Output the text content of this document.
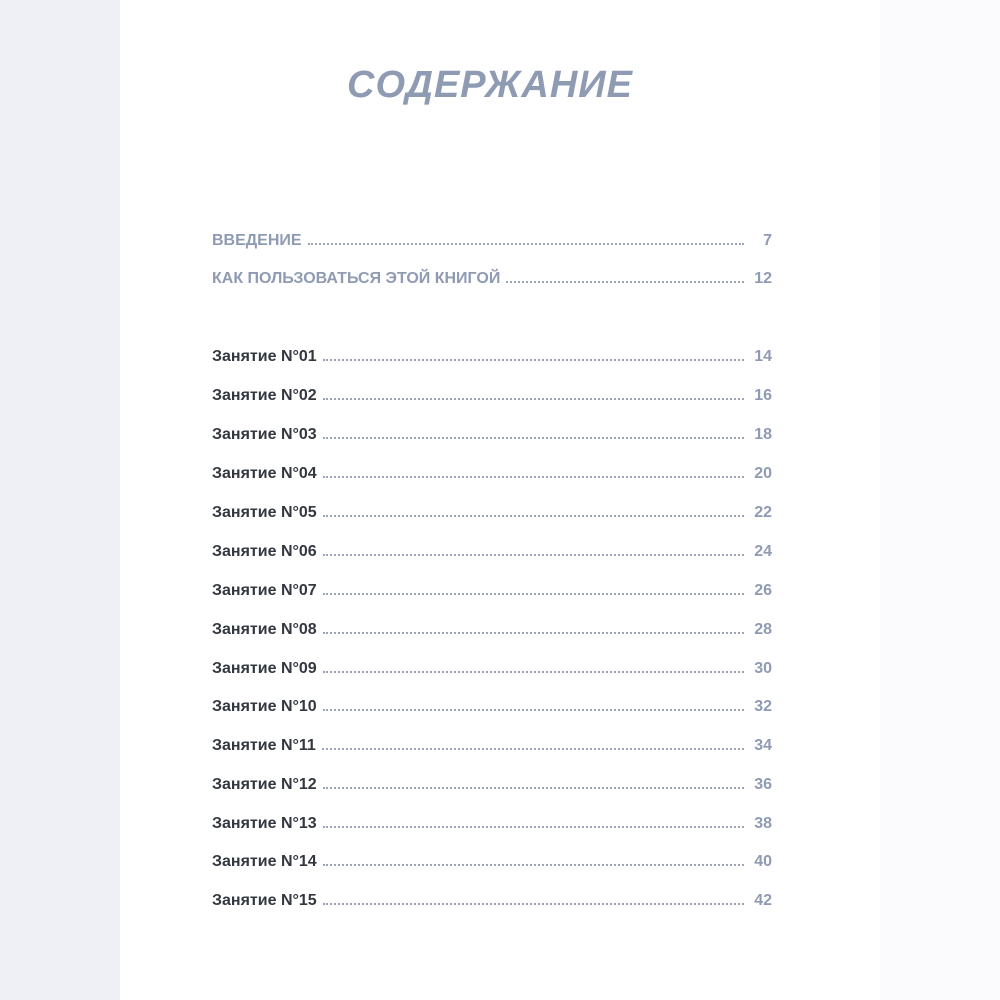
СОДЕРЖАНИЕ
ВВЕДЕНИЕ	7
КАК ПОЛЬЗОВАТЬСЯ ЭТОЙ КНИГОЙ	12
Занятие N°01	14
Занятие N°02	16
Занятие N°03	18
Занятие N°04	20
Занятие N°05	22
Занятие N°06	24
Занятие N°07	26
Занятие N°08	28
Занятие N°09	30
Занятие N°10	32
Занятие N°11	34
Занятие N°12	36
Занятие N°13	38
Занятие N°14	40
Занятие N°15	42
